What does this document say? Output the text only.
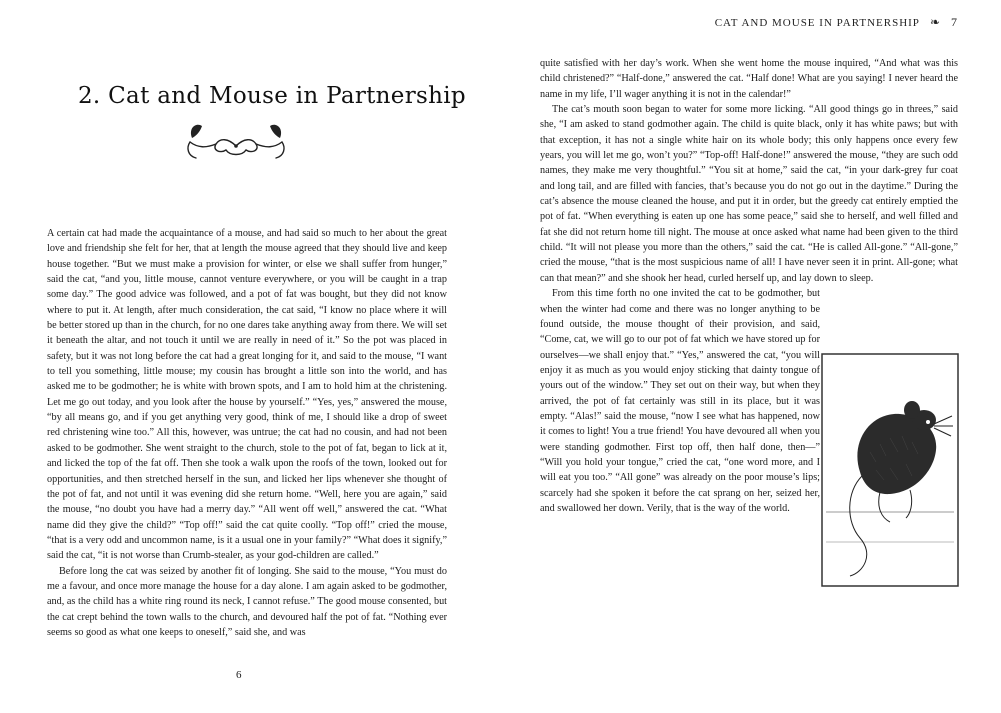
2. Cat and Mouse in Partnership

A certain cat had made the acquaintance of a mouse, and had said so much to her about the great love and friendship she felt for her, that at length the mouse agreed that they should live and keep house together. “But we must make a provision for winter, or else we shall suffer from hunger,” said the cat, “and you, little mouse, cannot venture everywhere, or you will be caught in a trap some day.” The good advice was followed, and a pot of fat was bought, but they did not know where to put it. At length, after much consideration, the cat said, “I know no place where it will be better stored up than in the church, for no one dares take anything away from there. We will set it beneath the altar, and not touch it until we are really in need of it.” So the pot was placed in safety, but it was not long before the cat had a great longing for it, and said to the mouse, “I want to tell you something, little mouse; my cousin has brought a little son into the world, and has asked me to be godmother; he is white with brown spots, and I am to hold him at the christening. Let me go out today, and you look after the house by yourself.” “Yes, yes,” answered the mouse, “by all means go, and if you get anything very good, think of me, I should like a drop of sweet red christening wine too.” All this, however, was untrue; the cat had no cousin, and had not been asked to be godmother. She went straight to the church, stole to the pot of fat, began to lick at it, and licked the top of the fat off. Then she took a walk upon the roofs of the town, looked out for opportunities, and then stretched herself in the sun, and licked her lips whenever she thought of the pot of fat, and not until it was evening did she return home. “Well, here you are again,” said the mouse, “no doubt you have had a merry day.” “All went off well,” answered the cat. “What name did they give the child?” “Top off!” said the cat quite coolly. “Top off!” cried the mouse, “that is a very odd and uncommon name, is it a usual one in your family?” “What does it signify,” said the cat, “it is not worse than Crumb-stealer, as your god-children are called.”

Before long the cat was seized by another fit of longing. She said to the mouse, “You must do me a favour, and once more manage the house for a day alone. I am again asked to be godmother, and, as the child has a white ring round its neck, I cannot refuse.” The good mouse consented, but the cat crept behind the town walls to the church, and devoured half the pot of fat. “Nothing ever seems so good as what one keeps to oneself,” said she, and was

6
CAT AND MOUSE IN PARTNERSHIP ❧ 7

quite satisfied with her day’s work. When she went home the mouse inquired, “And what was this child christened?” “Half-done,” answered the cat. “Half done! What are you saying! I never heard the name in my life, I’ll wager anything it is not in the calendar!”

The cat’s mouth soon began to water for some more licking. “All good things go in threes,” said she, “I am asked to stand godmother again. The child is quite black, only it has white paws; but with that exception, it has not a single white hair on its whole body; this only happens once every few years, you will let me go, won’t you?” “Top-off! Half-done!” answered the mouse, “they are such odd names, they make me very thoughtful.” “You sit at home,” said the cat, “in your dark-grey fur coat and long tail, and are filled with fancies, that’s because you do not go out in the daytime.” During the cat’s absence the mouse cleaned the house, and put it in order, but the greedy cat entirely emptied the pot of fat. “When everything is eaten up one has some peace,” said she to herself, and well filled and fat she did not return home till night. The mouse at once asked what name had been given to the third child. “It will not please you more than the others,” said the cat. “He is called All-gone.” “All-gone,” cried the mouse, “that is the most suspicious name of all! I have never seen it in print. All-gone; what can that mean?” and she shook her head, curled herself up, and lay down to sleep.

From this time forth no one invited the cat to be godmother, but when the winter had come and there was no longer anything to be found outside, the mouse thought of their provision, and said, “Come, cat, we will go to our pot of fat which we have stored up for ourselves—we shall enjoy that.” “Yes,” answered the cat, “you will enjoy it as much as you would enjoy sticking that dainty tongue of yours out of the window.” They set out on their way, but when they arrived, the pot of fat certainly was still in its place, but it was empty. “Alas!” said the mouse, “now I see what has happened, now it comes to light! You a true friend! You have devoured all when you were standing godmother. First top off, then half done, then—” “Will you hold your tongue,” cried the cat, “one word more, and I will eat you too.” “All gone” was already on the poor mouse’s lips; scarcely had she spoken it before the cat sprang on her, seized her, and swallowed her down. Verily, that is the way of the world.
